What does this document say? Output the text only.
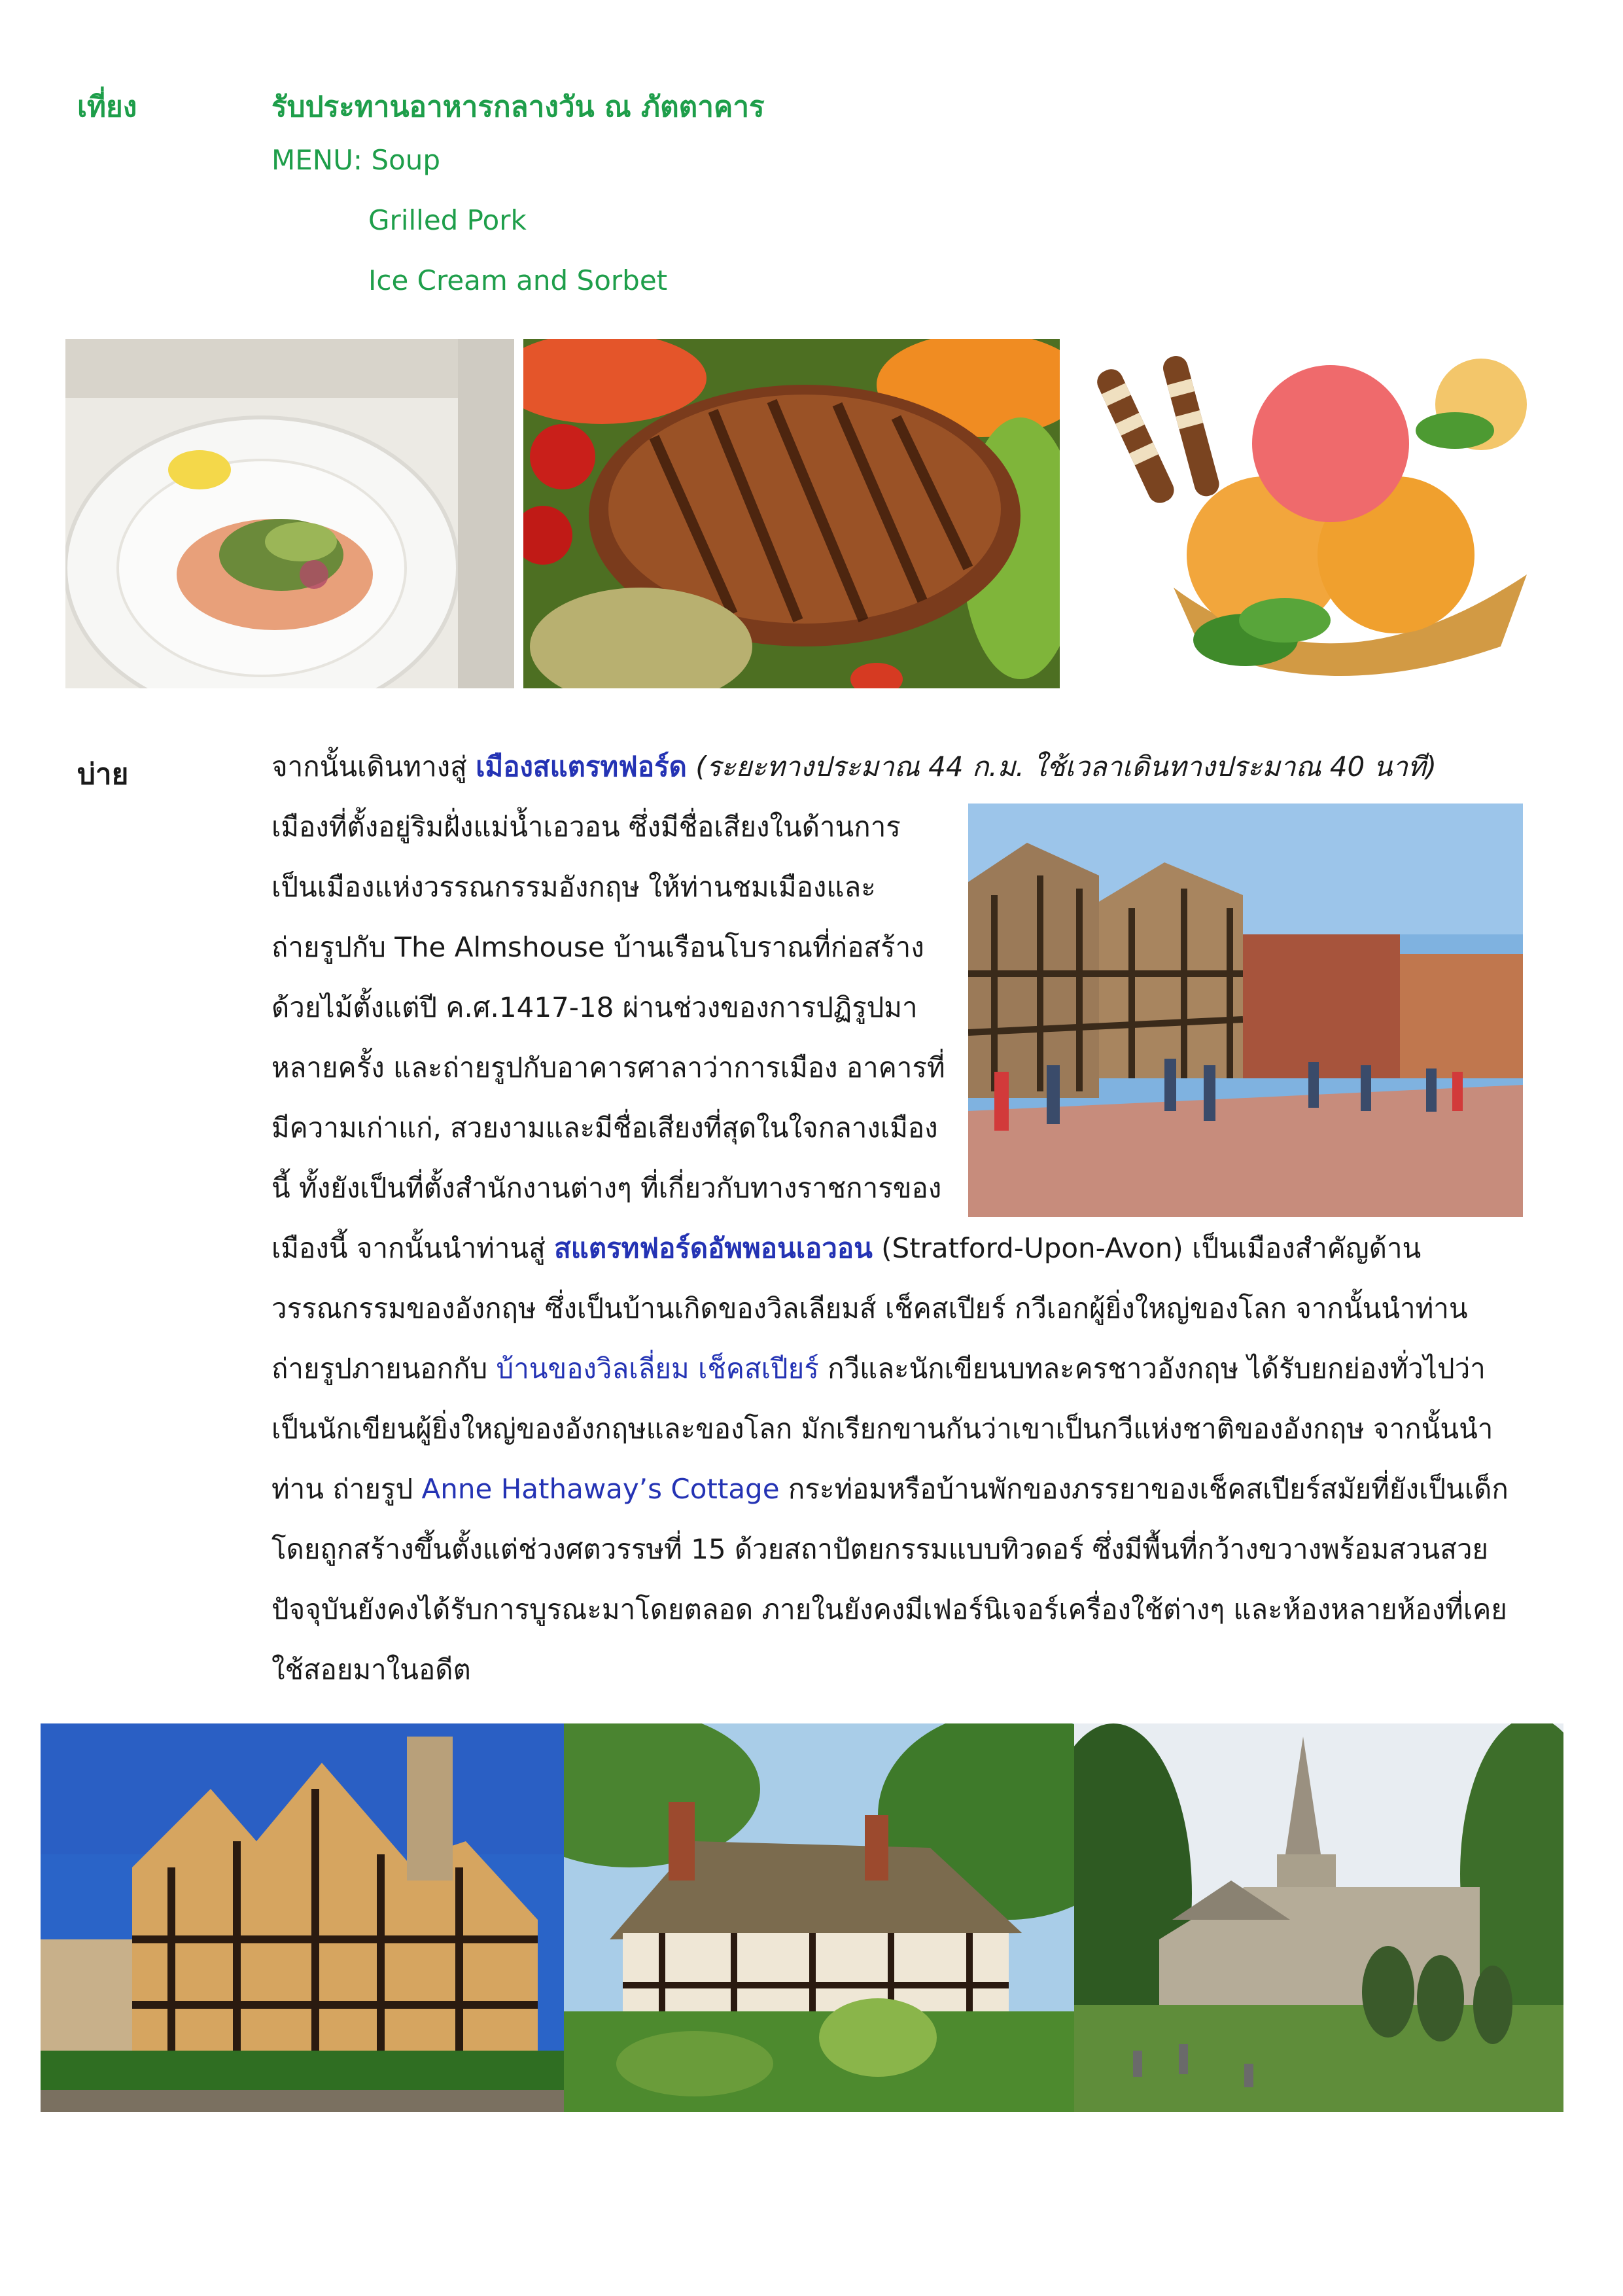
เที่ยง	รับประทานอาหารกลางวัน ณ ภัตตาคาร
MENU: Soup
Grilled Pork
Ice Cream and Sorbet
บ่าย	จากนั้นเดินทางสู่ เมืองสแตรทฟอร์ด (ระยะทางประมาณ 44 ก.ม. ใช้เวลาเดินทางประมาณ 40 นาที)
เมืองที่ตั้งอยู่ริมฝั่งแม่น้ำเอวอน ซึ่งมีชื่อเสียงในด้านการ
เป็นเมืองแห่งวรรณกรรมอังกฤษ ให้ท่านชมเมืองและ
ถ่ายรูปกับ The Almshouse บ้านเรือนโบราณที่ก่อสร้าง
ด้วยไม้ตั้งแต่ปี ค.ศ.1417-18 ผ่านช่วงของการปฏิรูปมา
หลายครั้ง และถ่ายรูปกับอาคารศาลาว่าการเมือง อาคารที่
มีความเก่าแก่, สวยงามและมีชื่อเสียงที่สุดในใจกลางเมือง
นี้ ทั้งยังเป็นที่ตั้งสำนักงานต่างๆ ที่เกี่ยวกับทางราชการของ
เมืองนี้ จากนั้นนำท่านสู่ สแตรทฟอร์ดอัพพอนเอวอน (Stratford-Upon-Avon) เป็นเมืองสำคัญด้าน
วรรณกรรมของอังกฤษ ซึ่งเป็นบ้านเกิดของวิลเลียมส์ เช็คสเปียร์ กวีเอกผู้ยิ่งใหญ่ของโลก จากนั้นนำท่าน
ถ่ายรูปภายนอกกับ บ้านของวิลเลี่ยม เช็คสเปียร์ กวีและนักเขียนบทละครชาวอังกฤษ ได้รับยกย่องทั่วไปว่า
เป็นนักเขียนผู้ยิ่งใหญ่ของอังกฤษและของโลก มักเรียกขานกันว่าเขาเป็นกวีแห่งชาติของอังกฤษ จากนั้นนำ
ท่าน ถ่ายรูป Anne Hathaway’s Cottage กระท่อมหรือบ้านพักของภรรยาของเช็คสเปียร์สมัยที่ยังเป็นเด็ก
โดยถูกสร้างขึ้นตั้งแต่ช่วงศตวรรษที่ 15 ด้วยสถาปัตยกรรมแบบทิวดอร์ ซึ่งมีพื้นที่กว้างขวางพร้อมสวนสวย
ปัจจุบันยังคงได้รับการบูรณะมาโดยตลอด ภายในยังคงมีเฟอร์นิเจอร์เครื่องใช้ต่างๆ และห้องหลายห้องที่เคย
ใช้สอยมาในอดีต
